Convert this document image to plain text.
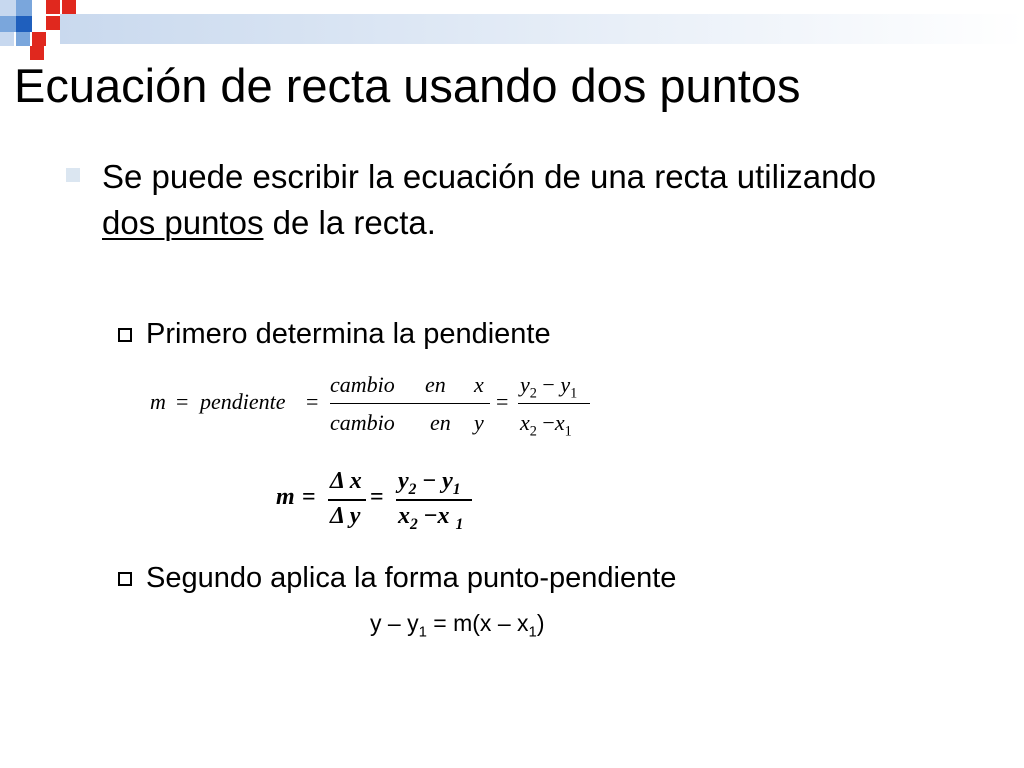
Ecuación de recta usando dos puntos
Se puede escribir la ecuación de una recta utilizando dos puntos de la recta.
Primero determina la pendiente
m = pendiente =
cambio en x
cambio en y
=
$y_2 - y_1$
$x_2 -x_1$
m =
Δ x
Δ y
=
$y_2 - y_1$
$x_2 -x$ $_1$
Segundo aplica la forma punto-pendiente
$y - y_1 = m(x - x_1)$
